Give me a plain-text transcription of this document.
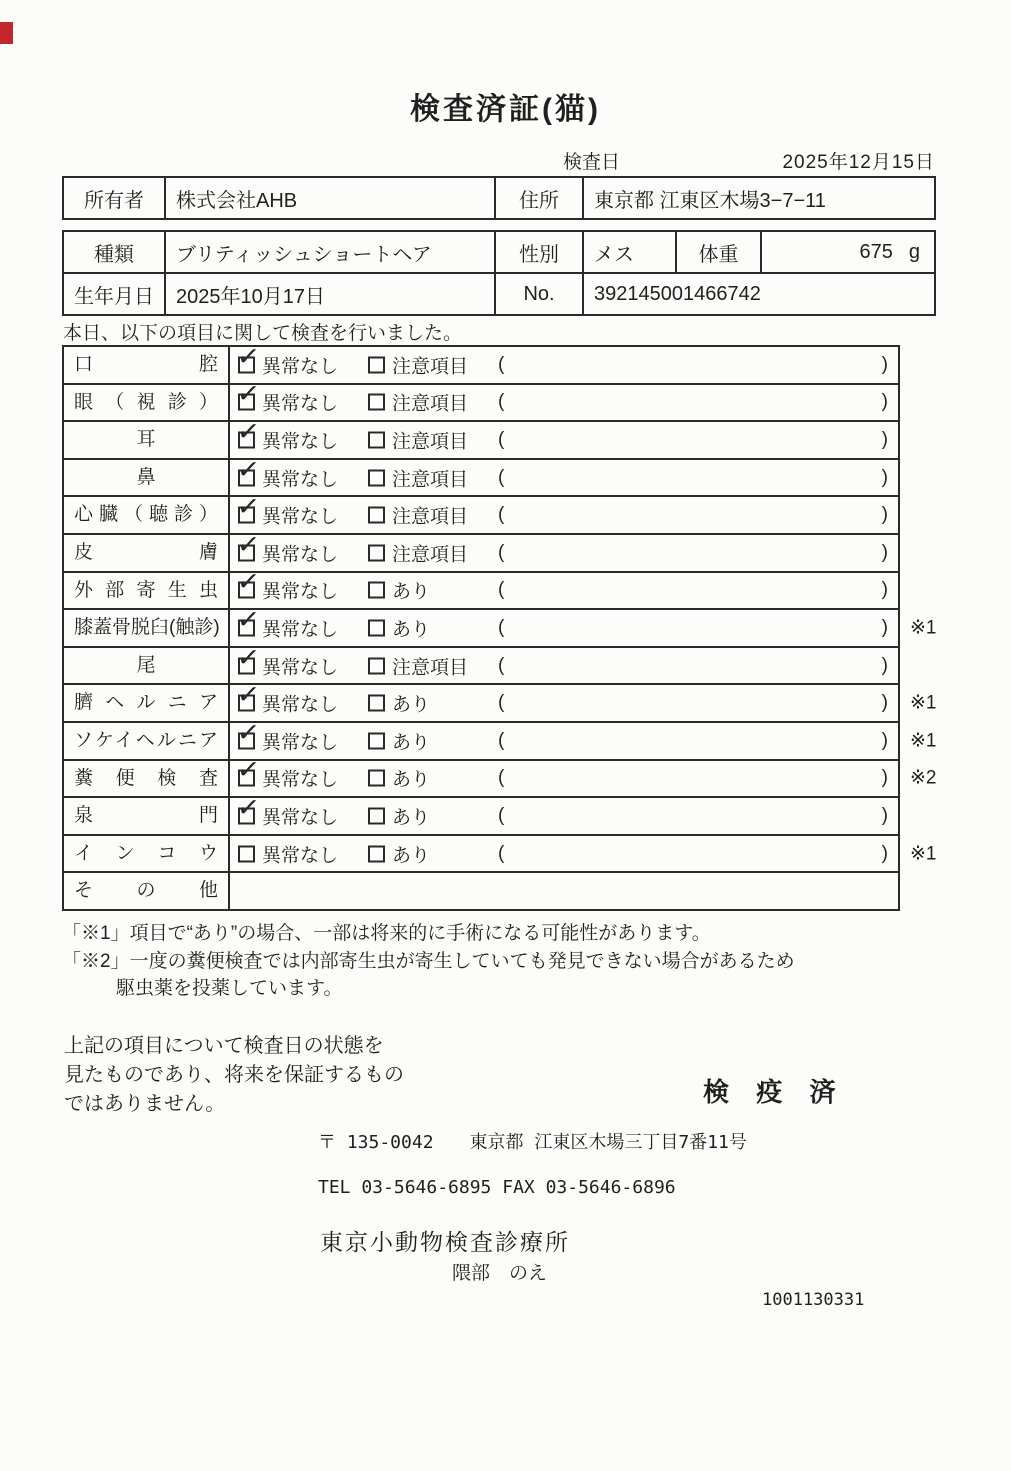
検査済証(猫)
検査日	2025年12月15日
所有者	株式会社AHB	住所	東京都 江東区木場3−7−11
種類	ブリティッシュショートヘア	性別	メス	体重	675 g
生年月日	2025年10月17日	No.	392145001466742
本日、以下の項目に関して検査を行いました。
口腔 ✓	異常なし	注意項目 (	)
眼（視診） ✓	異常なし	注意項目 (	)
耳 ✓	異常なし	注意項目 (	)
鼻 ✓	異常なし	注意項目 (	)
心臓（聴診） ✓	異常なし	注意項目 (	)
皮膚 ✓	異常なし	注意項目 (	)
外部寄生虫 ✓	異常なし	あり	(	)
膝蓋骨脱臼(触診) ✓	異常なし	あり	(	) ※1
尾 ✓	異常なし	注意項目 (	)
臍ヘルニア ✓	異常なし	あり	(	) ※1
ソケイヘルニア ✓	異常なし	あり	(	) ※1
糞便検査 ✓	異常なし	あり	(	) ※2
泉門 ✓	異常なし	あり	(	)
インコウ	異常なし	あり	(	) ※1
その他
「※1」項目で“あり”の場合、一部は将来的に手術になる可能性があります。
「※2」一度の糞便検査では内部寄生虫が寄生していても発見できない場合があるため
駆虫薬を投薬しています。
上記の項目について検査日の状態を
見たものであり、将来を保証するもの
ではありません。	検 疫 済
〒 135-0042　　東京都 江東区木場三丁目7番11号
TEL 03-5646-6895 FAX 03-5646-6896
東京小動物検査診療所
隈部　のえ
1001130331
